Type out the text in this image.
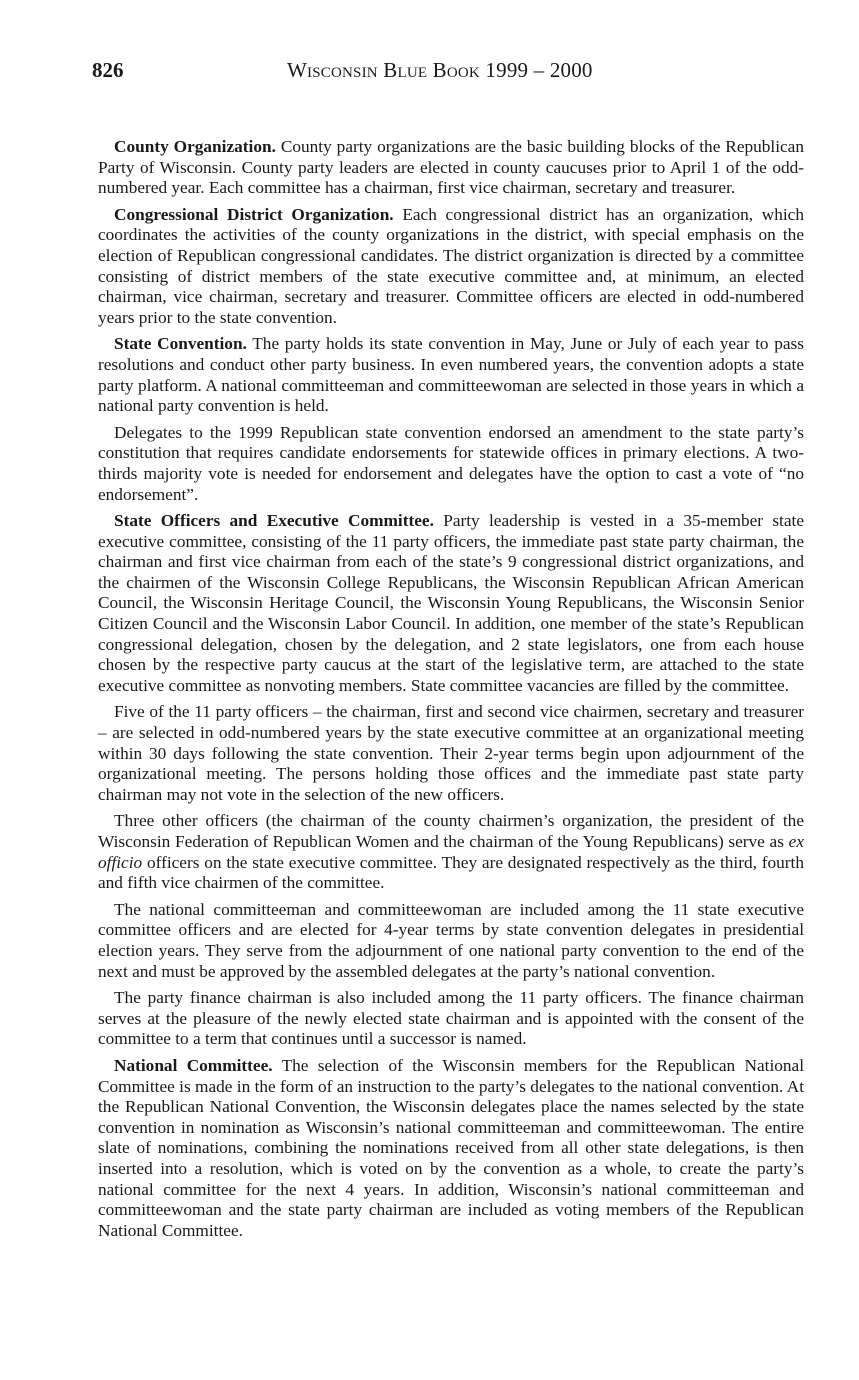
826	Wisconsin Blue Book 1999 – 2000

County Organization. County party organizations are the basic building blocks of the Republican Party of Wisconsin. County party leaders are elected in county caucuses prior to April 1 of the odd-numbered year. Each committee has a chairman, first vice chairman, secretary and treasurer.

Congressional District Organization. Each congressional district has an organization, which coordinates the activities of the county organizations in the district, with special emphasis on the election of Republican congressional candidates. The district organization is directed by a committee consisting of district members of the state executive committee and, at minimum, an elected chairman, vice chairman, secretary and treasurer. Committee officers are elected in odd-numbered years prior to the state convention.

State Convention. The party holds its state convention in May, June or July of each year to pass resolutions and conduct other party business. In even numbered years, the convention adopts a state party platform. A national committeeman and committeewoman are selected in those years in which a national party convention is held.

Delegates to the 1999 Republican state convention endorsed an amendment to the state party’s constitution that requires candidate endorsements for statewide offices in primary elections. A two-thirds majority vote is needed for endorsement and delegates have the option to cast a vote of “no endorsement”.

State Officers and Executive Committee. Party leadership is vested in a 35-member state executive committee, consisting of the 11 party officers, the immediate past state party chairman, the chairman and first vice chairman from each of the state’s 9 congressional district organizations, and the chairmen of the Wisconsin College Republicans, the Wisconsin Republican African American Council, the Wisconsin Heritage Council, the Wisconsin Young Republicans, the Wisconsin Senior Citizen Council and the Wisconsin Labor Council. In addition, one member of the state’s Republican congressional delegation, chosen by the delegation, and 2 state legislators, one from each house chosen by the respective party caucus at the start of the legislative term, are attached to the state executive committee as nonvoting members. State committee vacancies are filled by the committee.

Five of the 11 party officers – the chairman, first and second vice chairmen, secretary and treasurer – are selected in odd-numbered years by the state executive committee at an organizational meeting within 30 days following the state convention. Their 2-year terms begin upon adjournment of the organizational meeting. The persons holding those offices and the immediate past state party chairman may not vote in the selection of the new officers.

Three other officers (the chairman of the county chairmen’s organization, the president of the Wisconsin Federation of Republican Women and the chairman of the Young Republicans) serve as ex officio officers on the state executive committee. They are designated respectively as the third, fourth and fifth vice chairmen of the committee.

The national committeeman and committeewoman are included among the 11 state executive committee officers and are elected for 4-year terms by state convention delegates in presidential election years. They serve from the adjournment of one national party convention to the end of the next and must be approved by the assembled delegates at the party’s national convention.

The party finance chairman is also included among the 11 party officers. The finance chairman serves at the pleasure of the newly elected state chairman and is appointed with the consent of the committee to a term that continues until a successor is named.

National Committee. The selection of the Wisconsin members for the Republican National Committee is made in the form of an instruction to the party’s delegates to the national convention. At the Republican National Convention, the Wisconsin delegates place the names selected by the state convention in nomination as Wisconsin’s national committeeman and committeewoman. The entire slate of nominations, combining the nominations received from all other state delegations, is then inserted into a resolution, which is voted on by the convention as a whole, to create the party’s national committee for the next 4 years. In addition, Wisconsin’s national committeeman and committeewoman and the state party chairman are included as voting members of the Republican National Committee.
